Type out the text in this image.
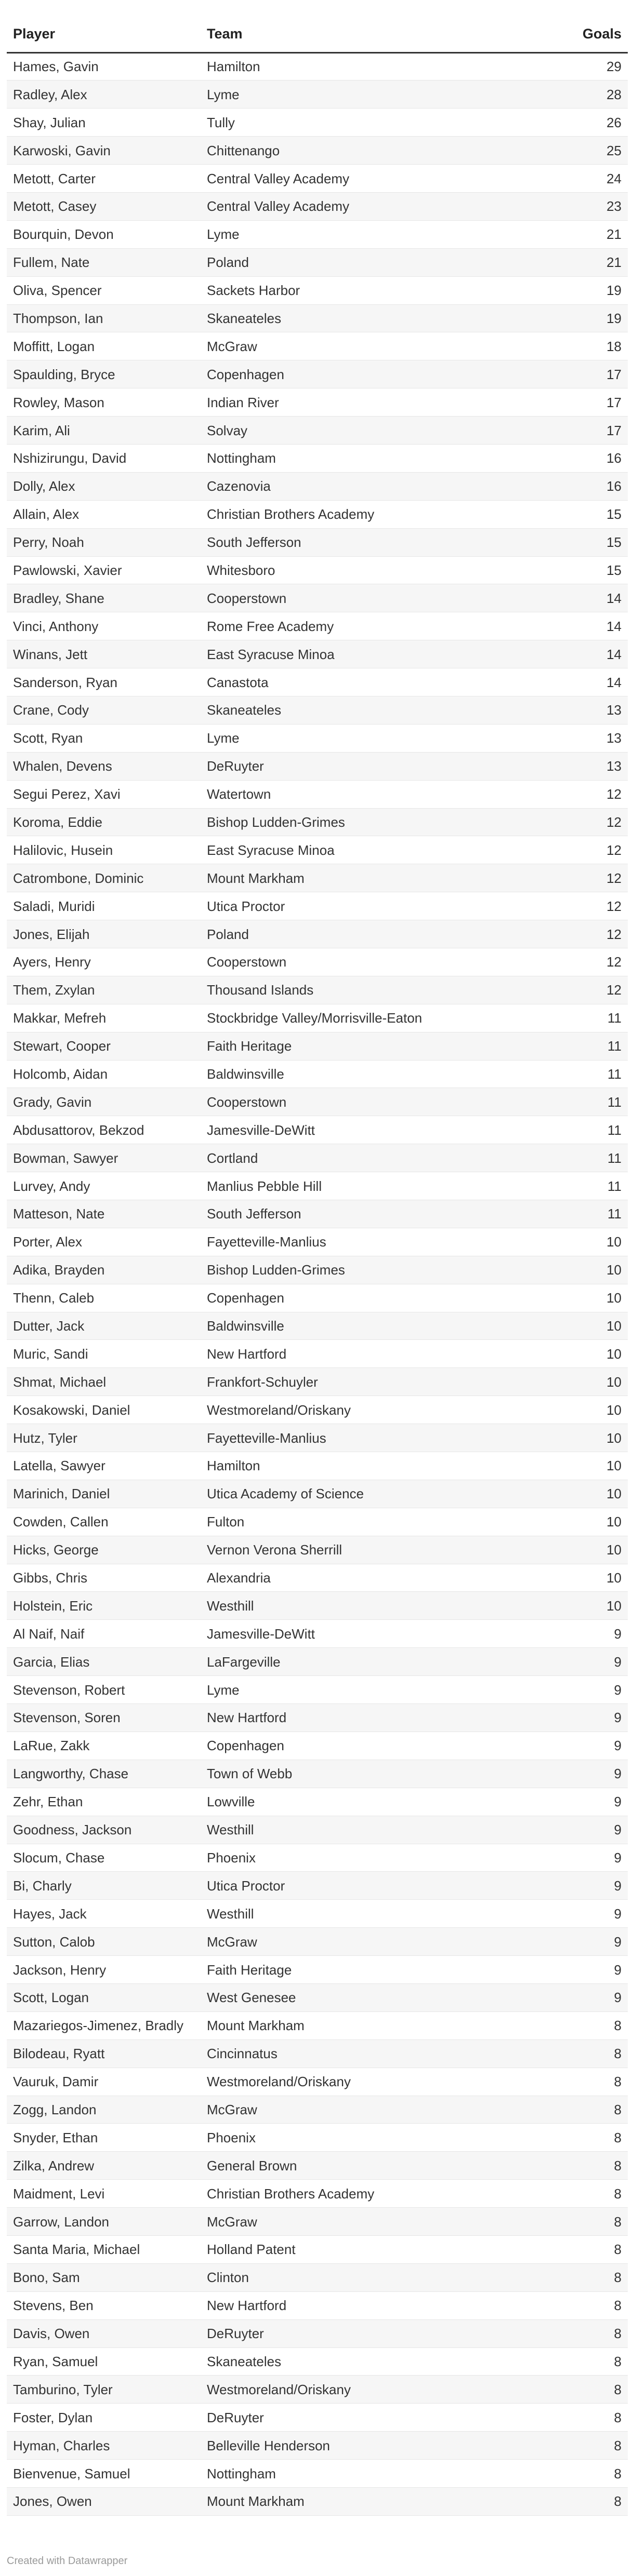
Player	Team	Goals
Hames, Gavin	Hamilton	29
Radley, Alex	Lyme	28
Shay, Julian	Tully	26
Karwoski, Gavin	Chittenango	25
Metott, Carter	Central Valley Academy	24
Metott, Casey	Central Valley Academy	23
Bourquin, Devon	Lyme	21
Fullem, Nate	Poland	21
Oliva, Spencer	Sackets Harbor	19
Thompson, Ian	Skaneateles	19
Moffitt, Logan	McGraw	18
Spaulding, Bryce	Copenhagen	17
Rowley, Mason	Indian River	17
Karim, Ali	Solvay	17
Nshizirungu, David	Nottingham	16
Dolly, Alex	Cazenovia	16
Allain, Alex	Christian Brothers Academy	15
Perry, Noah	South Jefferson	15
Pawlowski, Xavier	Whitesboro	15
Bradley, Shane	Cooperstown	14
Vinci, Anthony	Rome Free Academy	14
Winans, Jett	East Syracuse Minoa	14
Sanderson, Ryan	Canastota	14
Crane, Cody	Skaneateles	13
Scott, Ryan	Lyme	13
Whalen, Devens	DeRuyter	13
Segui Perez, Xavi	Watertown	12
Koroma, Eddie	Bishop Ludden-Grimes	12
Halilovic, Husein	East Syracuse Minoa	12
Catrombone, Dominic	Mount Markham	12
Saladi, Muridi	Utica Proctor	12
Jones, Elijah	Poland	12
Ayers, Henry	Cooperstown	12
Them, Zxylan	Thousand Islands	12
Makkar, Mefreh	Stockbridge Valley/Morrisville-Eaton	11
Stewart, Cooper	Faith Heritage	11
Holcomb, Aidan	Baldwinsville	11
Grady, Gavin	Cooperstown	11
Abdusattorov, Bekzod	Jamesville-DeWitt	11
Bowman, Sawyer	Cortland	11
Lurvey, Andy	Manlius Pebble Hill	11
Matteson, Nate	South Jefferson	11
Porter, Alex	Fayetteville-Manlius	10
Adika, Brayden	Bishop Ludden-Grimes	10
Thenn, Caleb	Copenhagen	10
Dutter, Jack	Baldwinsville	10
Muric, Sandi	New Hartford	10
Shmat, Michael	Frankfort-Schuyler	10
Kosakowski, Daniel	Westmoreland/Oriskany	10
Hutz, Tyler	Fayetteville-Manlius	10
Latella, Sawyer	Hamilton	10
Marinich, Daniel	Utica Academy of Science	10
Cowden, Callen	Fulton	10
Hicks, George	Vernon Verona Sherrill	10
Gibbs, Chris	Alexandria	10
Holstein, Eric	Westhill	10
Al Naif, Naif	Jamesville-DeWitt	9
Garcia, Elias	LaFargeville	9
Stevenson, Robert	Lyme	9
Stevenson, Soren	New Hartford	9
LaRue, Zakk	Copenhagen	9
Langworthy, Chase	Town of Webb	9
Zehr, Ethan	Lowville	9
Goodness, Jackson	Westhill	9
Slocum, Chase	Phoenix	9
Bi, Charly	Utica Proctor	9
Hayes, Jack	Westhill	9
Sutton, Calob	McGraw	9
Jackson, Henry	Faith Heritage	9
Scott, Logan	West Genesee	9
Mazariegos-Jimenez, Bradly	Mount Markham	8
Bilodeau, Ryatt	Cincinnatus	8
Vauruk, Damir	Westmoreland/Oriskany	8
Zogg, Landon	McGraw	8
Snyder, Ethan	Phoenix	8
Zilka, Andrew	General Brown	8
Maidment, Levi	Christian Brothers Academy	8
Garrow, Landon	McGraw	8
Santa Maria, Michael	Holland Patent	8
Bono, Sam	Clinton	8
Stevens, Ben	New Hartford	8
Davis, Owen	DeRuyter	8
Ryan, Samuel	Skaneateles	8
Tamburino, Tyler	Westmoreland/Oriskany	8
Foster, Dylan	DeRuyter	8
Hyman, Charles	Belleville Henderson	8
Bienvenue, Samuel	Nottingham	8
Jones, Owen	Mount Markham	8
Created with Datawrapper
